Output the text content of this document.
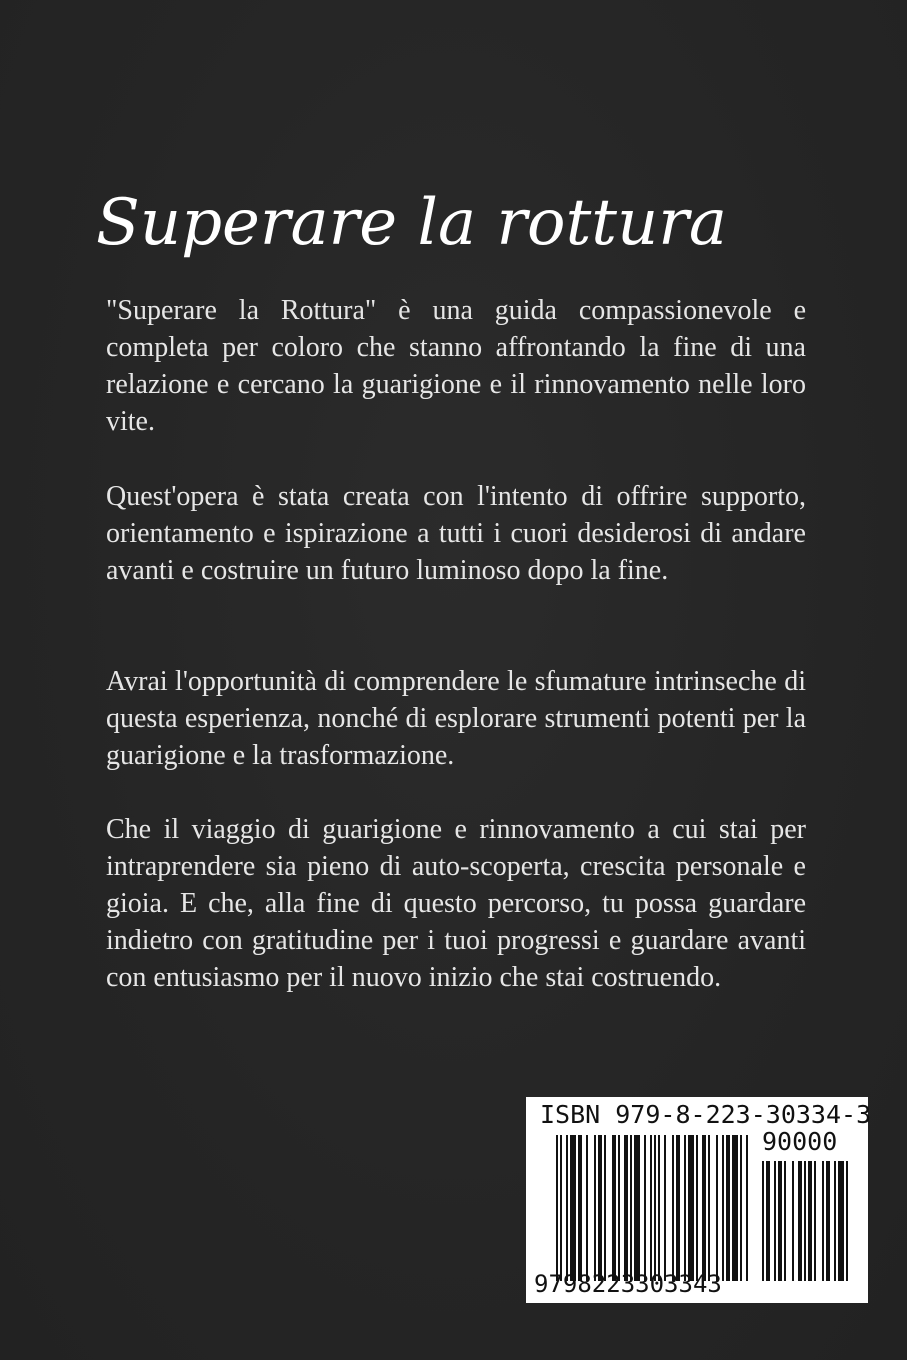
Superare la rottura

"Superare la Rottura" è una guida compassionevole e completa per coloro che stanno affrontando la fine di una relazione e cercano la guarigione e il rinnovamento nelle loro vite.

Quest'opera è stata creata con l'intento di offrire supporto, orientamento e ispirazione a tutti i cuori desiderosi di andare avanti e costruire un futuro luminoso dopo la fine.

Avrai l'opportunità di comprendere le sfumature intrinseche di questa esperienza, nonché di esplorare strumenti potenti per la guarigione e la trasformazione.

Che il viaggio di guarigione e rinnovamento a cui stai per intraprendere sia pieno di auto-scoperta, crescita personale e gioia. E che, alla fine di questo percorso, tu possa guardare indietro con gratitudine per i tuoi progressi e guardare avanti con entusiasmo per il nuovo inizio che stai costruendo.

ISBN 979-8-223-30334-3
90000
9798223303343
